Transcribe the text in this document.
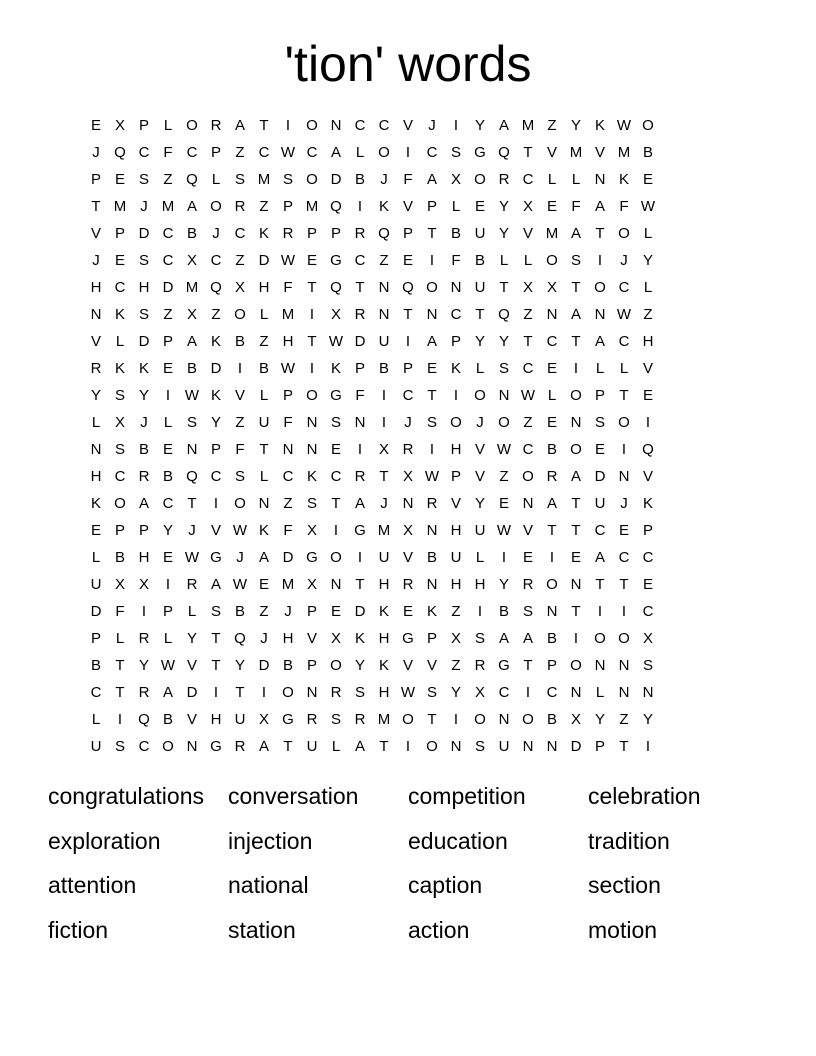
'tion' words
E X P L O R A T	I	O N C C V	J	I	Y A M Z Y K W O
J Q C F C P Z C W C A L O	I	C S G Q T V M V M B
P E S Z Q L S M S O D B	J	F A X O R C L	L N K E
T M J M A O R Z P M Q	I	K V P L E Y X E F A F W
V P D C B	J C K R P P R Q P T B U Y V M A T O L
J	E S C X C Z D W E G C Z E	I	F B L	L O S	I	J	Y
H C H D M Q X H F T Q T N Q O N U T X X T O C L
N K S Z X Z O L M	I	X R N T N C T Q Z N A N W Z
V L D P A K B Z H T W D U	I	A P Y Y T C T A C H
R K K E B D	I	B W I	K P B P E K L S C E	I	L	L V
Y S Y	I W K V L P O G F	I	C T	I	O N W L O P T E
L X	J	L S Y Z U F N S N	I	J	S O J O Z E N S O	I
N S B E N P F T N N E	I	X R	I	H V W C B O E	I	Q
H C R B Q C S L C K C R T X W P V Z O R A D N V
K O A C T	I	O N Z S T A	J N R V Y E N A T U J	K
E P P Y	J	V W K F X	I	G M X N H U W V T T C E P
L B H E W G J	A D G O	I	U V B U L	I	E	I	E A C C
U X X	I	R A W E M X N T H R N H H Y R O N T T E
D F	I	P L S B Z	J	P E D K E K Z	I	B S N T	I	I	C
P L R L Y T Q J H V X K H G P X S A A B	I	O O X
B T Y W V T Y D B P O Y K V V Z R G T P O N N S
C T R A D	I	T	I	O N R S H W S Y X C	I	C N L N N
L	I	Q B V H U X G R S R M O T	I	O N O B X Y Z Y
U S C O N G R A T U L A T	I	O N S U N N D P T	I
congratulations	conversation	competition	celebration
exploration	injection	education	tradition
attention	national	caption	section
fiction	station	action	motion
